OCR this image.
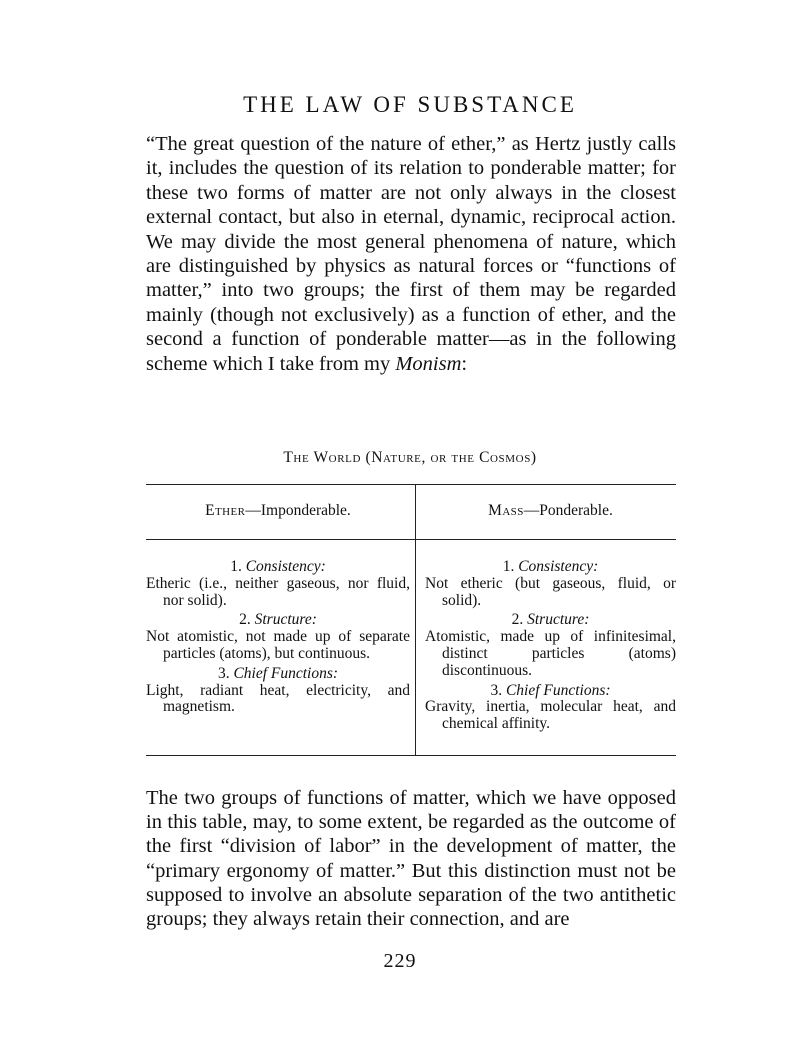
THE LAW OF SUBSTANCE

“The great question of the nature of ether,” as Hertz justly calls it, includes the question of its relation to ponderable matter; for these two forms of matter are not only always in the closest external contact, but also in eternal, dynamic, reciprocal action. We may divide the most general phenomena of nature, which are distinguished by physics as natural forces or “functions of matter,” into two groups; the first of them may be regarded mainly (though not exclusively) as a function of ether, and the second a function of ponderable matter—as in the following scheme which I take from my Monism:

The World (Nature, or the Cosmos)
Ether —Imponderable.
1. Consistency:

Etheric (i.e., neither gaseous, nor fluid, nor solid).

2. Structure:

Not atomistic, not made up of separate particles (atoms), but continuous.

3. Chief Functions:

Light, radiant heat, electricity, and magnetism.

Mass —Ponderable.
1. Consistency:

Not etheric (but gaseous, fluid, or solid).

2. Structure:

Atomistic, made up of infinitesimal, distinct particles (atoms) discontinuous.

3. Chief Functions:

Gravity, inertia, molecular heat, and chemical affinity.

The two groups of functions of matter, which we have opposed in this table, may, to some extent, be regarded as the outcome of the first “division of labor” in the development of matter, the “primary ergonomy of matter.” But this distinction must not be supposed to involve an absolute separation of the two antithetic groups; they always retain their connection, and are

229
